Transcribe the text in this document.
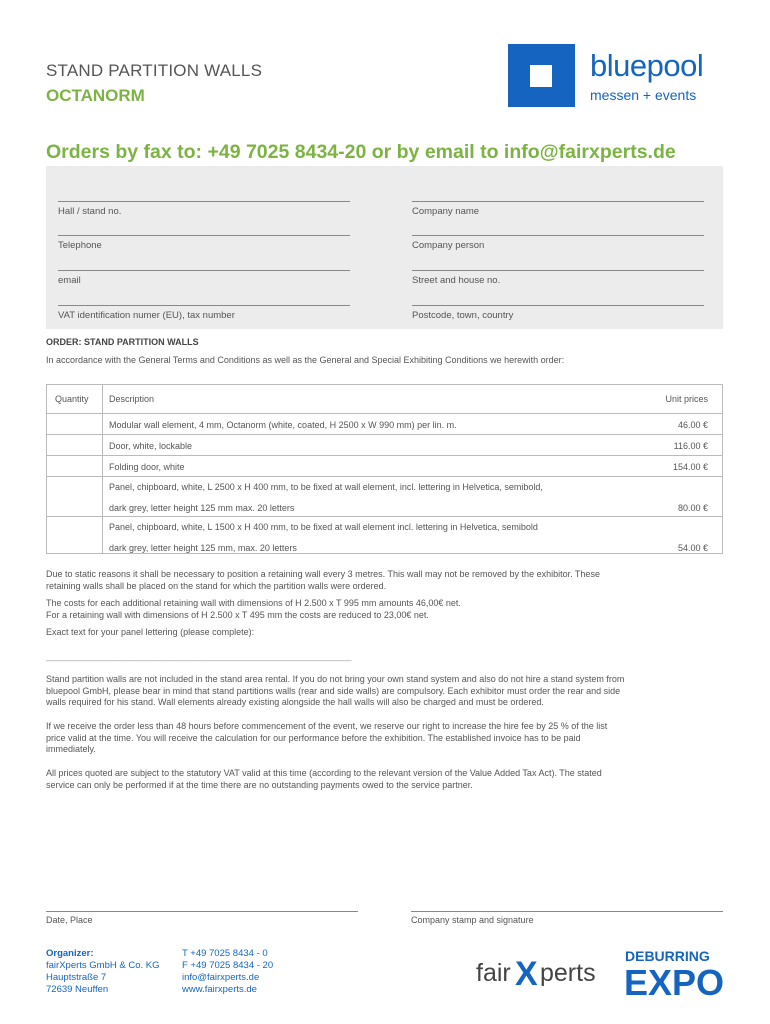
STAND PARTITION WALLS
OCTANORM
bluepool
messen + events
Orders by fax to: +49 7025 8434-20 or by email to info@fairxperts.de
Hall / stand no.	Company name
Telephone	Company person
email	Street and house no.
VAT identification numer (EU), tax number	Postcode, town, country
ORDER: STAND PARTITION WALLS
In accordance with the General Terms and Conditions as well as the General and Special Exhibiting Conditions we herewith order:
Quantity Description	Unit prices
Modular wall element, 4 mm, Octanorm (white, coated, H 2500 x W 990 mm) per lin. m.	46.00 €
Door, white, lockable	116.00 €
Folding door, white	154.00 €
Panel, chipboard, white, L 2500 x H 400 mm, to be fixed at wall element, incl. lettering in Helvetica, semibold,
dark grey, letter height 125 mm max. 20 letters	80.00 €
Panel, chipboard, white, L 1500 x H 400 mm, to be fixed at wall element incl. lettering in Helvetica, semibold
dark grey, letter height 125 mm, max. 20 letters	54.00 €
Due to static reasons it shall be necessary to position a retaining wall every 3 metres. This wall may not be removed by the exhibitor. These
retaining walls shall be placed on the stand for which the partition walls were ordered.
The costs for each additional retaining wall with dimensions of H 2.500 x T 995 mm amounts 46,00€ net.
For a retaining wall with dimensions of H 2.500 x T 495 mm the costs are reduced to 23,00€ net.
Exact text for your panel lettering (please complete):
_____________________________________________________________
Stand partition walls are not included in the stand area rental. If you do not bring your own stand system and also do not hire a stand system from
bluepool GmbH, please bear in mind that stand partitions walls (rear and side walls) are compulsory. Each exhibitor must order the rear and side
walls required for his stand. Wall elements already existing alongside the hall walls will also be charged and must be ordered.
If we receive the order less than 48 hours before commencement of the event, we reserve our right to increase the hire fee by 25 % of the list
price valid at the time. You will receive the calculation for our performance before the exhibition. The established invoice has to be paid
immediately.
All prices quoted are subject to the statutory VAT valid at this time (according to the relevant version of the Value Added Tax Act). The stated
service can only be performed if at the time there are no outstanding payments owed to the service partner.
Date, Place	Company stamp and signature
Organizer:
fairXperts GmbH & Co. KG
Hauptstraße 7
72639 Neuffen
T +49 7025 8434 - 0
F +49 7025 8434 - 20
info@fairxperts.de
www.fairxperts.de
fair X perts
DEBURRING
EXPO
